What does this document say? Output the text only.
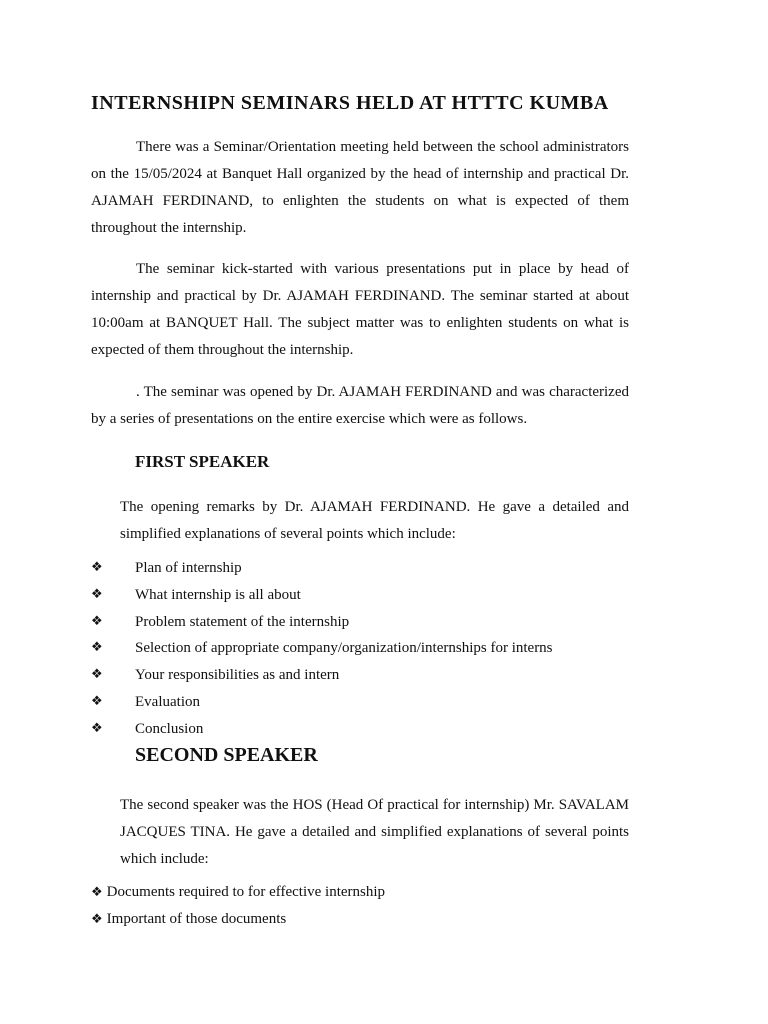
INTERNSHIPN SEMINARS HELD AT HTTTC KUMBA

There was a Seminar/Orientation meeting held between the school administrators on the 15/05/2024 at Banquet Hall organized by the head of internship and practical Dr. AJAMAH FERDINAND, to enlighten the students on what is expected of them throughout the internship.

The seminar kick-started with various presentations put in place by head of internship and practical by Dr. AJAMAH FERDINAND. The seminar started at about 10:00am at BANQUET Hall. The subject matter was to enlighten students on what is expected of them throughout the internship.

. The seminar was opened by Dr. AJAMAH FERDINAND and was characterized by a series of presentations on the entire exercise which were as follows.

FIRST SPEAKER

The opening remarks by Dr. AJAMAH FERDINAND. He gave a detailed and simplified explanations of several points which include:

❖ Plan of internship
❖ What internship is all about
❖ Problem statement of the internship
❖ Selection of appropriate company/organization/internships for interns
❖ Your responsibilities as and intern
❖ Evaluation
❖ Conclusion
SECOND SPEAKER

The second speaker was the HOS (Head Of practical for internship) Mr. SAVALAM JACQUES TINA. He gave a detailed and simplified explanations of several points which include:

❖ Documents required to for effective internship
❖ Important of those documents
